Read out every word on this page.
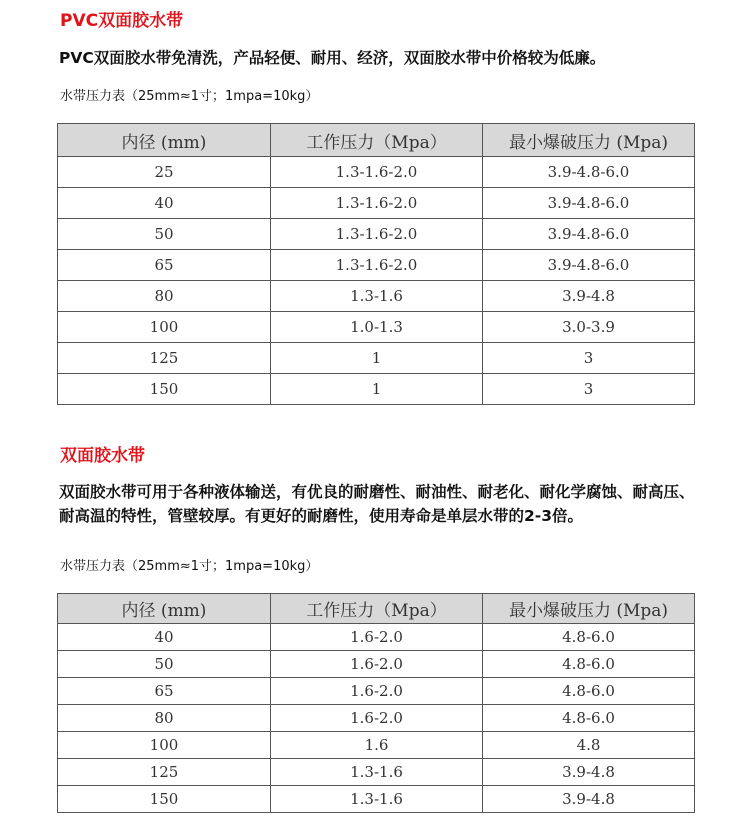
PVC双面胶水带
PVC双面胶水带免清洗，产品轻便、耐用、经济，双面胶水带中价格较为低廉。
水带压力表（25mm≈1寸；1mpa=10kg）
内径 (mm)	工作压力（Mpa）	最小爆破压力 (Mpa)
25	1.3-1.6-2.0	3.9-4.8-6.0
40	1.3-1.6-2.0	3.9-4.8-6.0
50	1.3-1.6-2.0	3.9-4.8-6.0
65	1.3-1.6-2.0	3.9-4.8-6.0
80	1.3-1.6	3.9-4.8
100	1.0-1.3	3.0-3.9
125	1	3
150	1	3
双面胶水带
双面胶水带可用于各种液体输送，有优良的耐磨性、耐油性、耐老化、耐化学腐蚀、耐高压、耐高温的特性，管壁较厚。有更好的耐磨性，使用寿命是单层水带的2-3倍。
水带压力表（25mm≈1寸；1mpa=10kg）
内径 (mm)	工作压力（Mpa）	最小爆破压力 (Mpa)
40	1.6-2.0	4.8-6.0
50	1.6-2.0	4.8-6.0
65	1.6-2.0	4.8-6.0
80	1.6-2.0	4.8-6.0
100	1.6	4.8
125	1.3-1.6	3.9-4.8
150	1.3-1.6	3.9-4.8
